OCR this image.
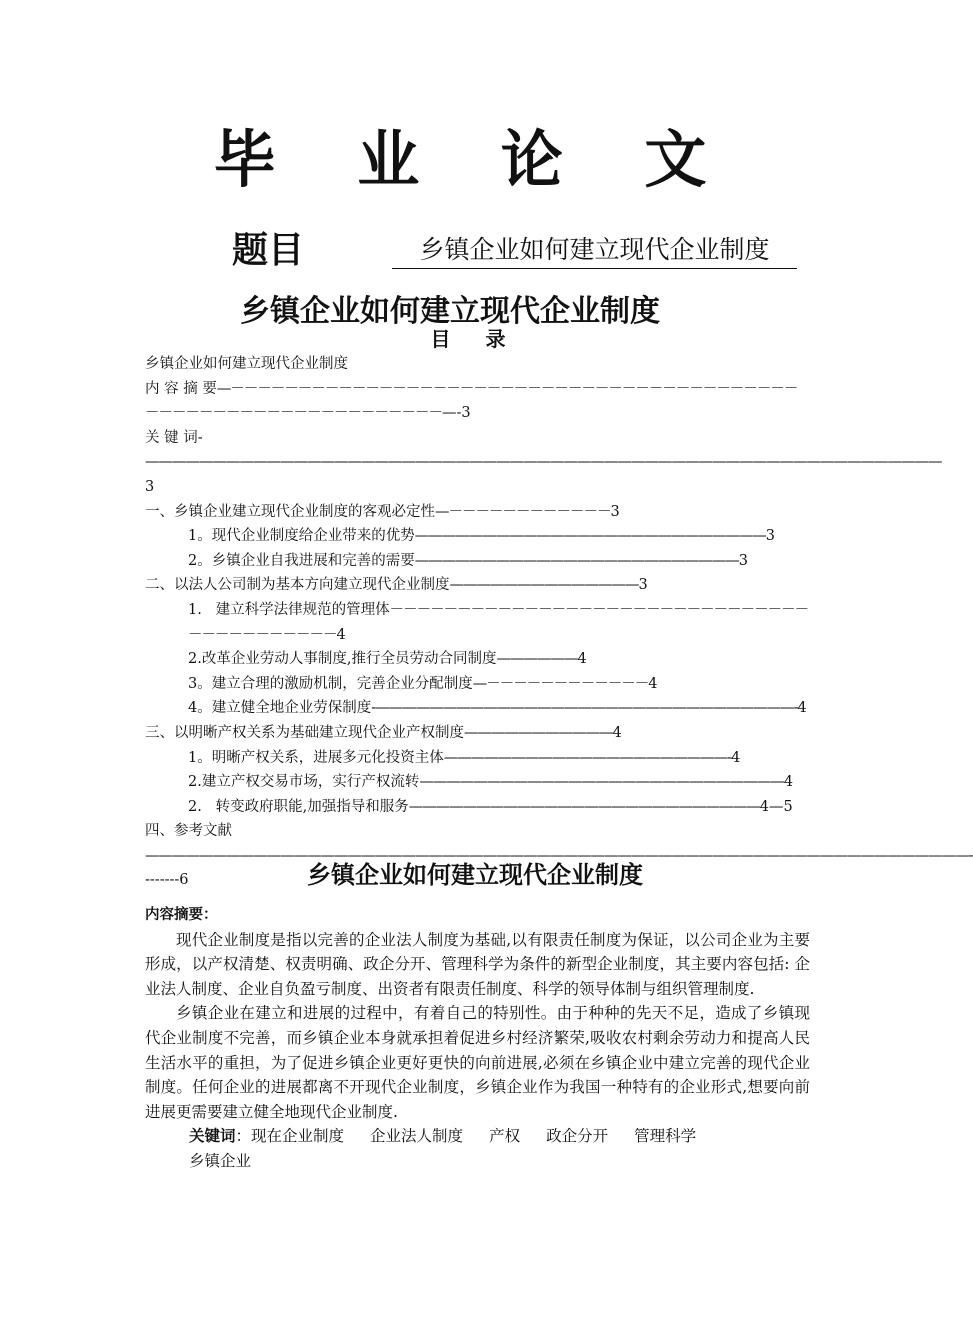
毕 业 论 文
题目	乡镇企业如何建立现代企业制度
乡镇企业如何建立现代企业制度
目 录
乡镇企业如何建立现代企业制度
内 容 摘 要—－－－－－－－－－－－－－－－－－－－－－－－－－－－－－－－－－－－－－－－－－－－－－－－－－－－－－－－－－－－－－－－－—-3
关 键 词-———————————————————————————————————————————————————————————3
一、乡镇企业建立现代企业制度的客观必定性—－－－－－－－－－－－－3
1。现代企业制度给企业带来的优势——————————————————————————3
2。乡镇企业自我进展和完善的需要————————————————————————3
二、以法人公司制为基本方向建立现代企业制度——————————————3
1.   建立科学法律规范的管理体－－－－－－－－－－－－－－－－－－－－－－－－－－－－－－－－－－－－－－－－－－4
2.改革企业劳动人事制度,推行全员劳动合同制度——————4
3。建立合理的激励机制，完善企业分配制度—－－－－－－－－－－－－4
4。建立健全地企业劳保制度-———————————————————————————————-4
三、以明晰产权关系为基础建立现代企业产权制度———————————4
1。明晰产权关系，进展多元化投资主体—————————————————————-4
2.建立产权交易市场，实行产权流转———————————————————————————4
2.   转变政府职能,加强指导和服务——————————————————————————4—5
四、参考文献—————————————————————————————————————————————————————————————--------6	乡镇企业如何建立现代企业制度
内容摘要：

现代企业制度是指以完善的企业法人制度为基础,以有限责任制度为保证，以公司企业为主要形成，以产权清楚、权责明确、政企分开、管理科学为条件的新型企业制度，其主要内容包括: 企业法人制度、企业自负盈亏制度、出资者有限责任制度、科学的领导体制与组织管理制度.

乡镇企业在建立和进展的过程中，有着自己的特别性。由于种种的先天不足，造成了乡镇现代企业制度不完善，而乡镇企业本身就承担着促进乡村经济繁荣,吸收农村剩余劳动力和提高人民生活水平的重担，为了促进乡镇企业更好更快的向前进展,必须在乡镇企业中建立完善的现代企业制度。任何企业的进展都离不开现代企业制度，乡镇企业作为我国一种特有的企业形式,想要向前进展更需要建立健全地现代企业制度.

关键词 ： 现在企业制度 企业法人制度 产权 政企分开 管理科学
乡镇企业
